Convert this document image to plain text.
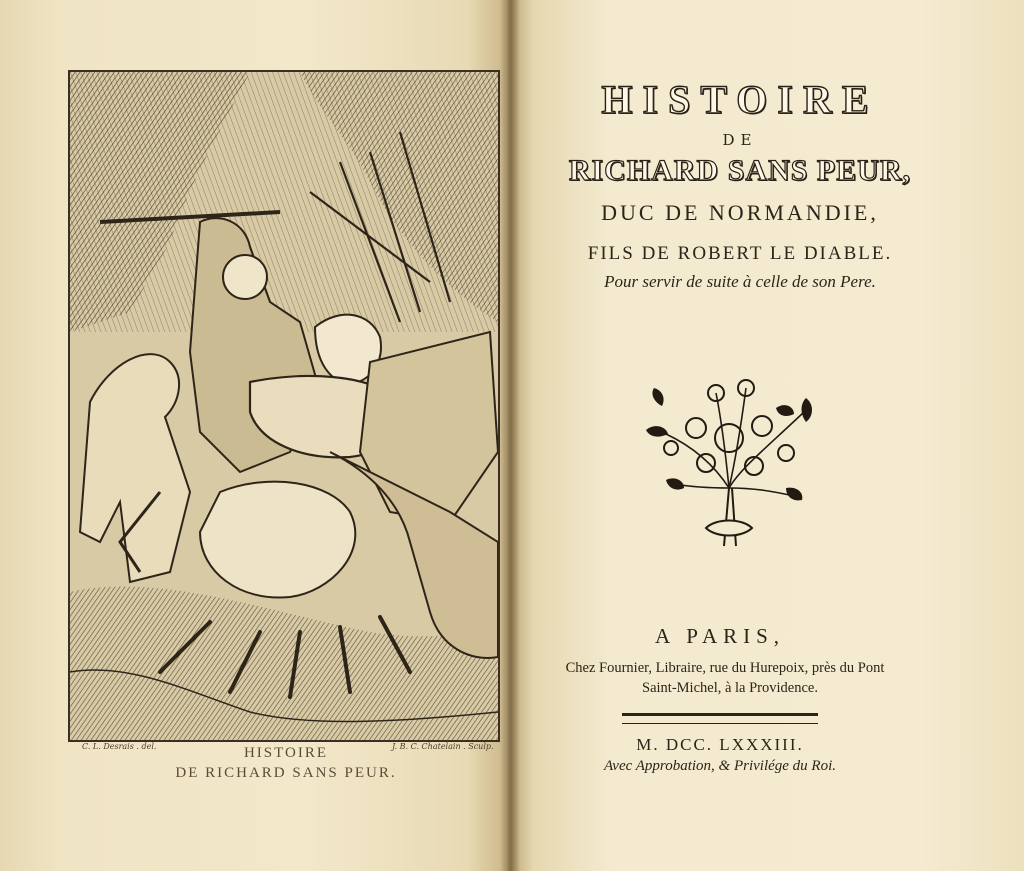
C. L. Desrais . del.	J. B. C. Chatelain . Sculp.
HISTOIRE
DE RICHARD SANS PEUR.
HISTOIRE
DE
RICHARD SANS PEUR,
DUC DE NORMANDIE,
FILS DE ROBERT LE DIABLE.
Pour servir de suite à celle de son Pere.
A PARIS,
Chez Fournier, Libraire, rue du Hurepoix, près du Pont
Saint-Michel, à la Providence.
M. DCC. LXXXIII.
Avec Approbation, & Privilége du Roi.
